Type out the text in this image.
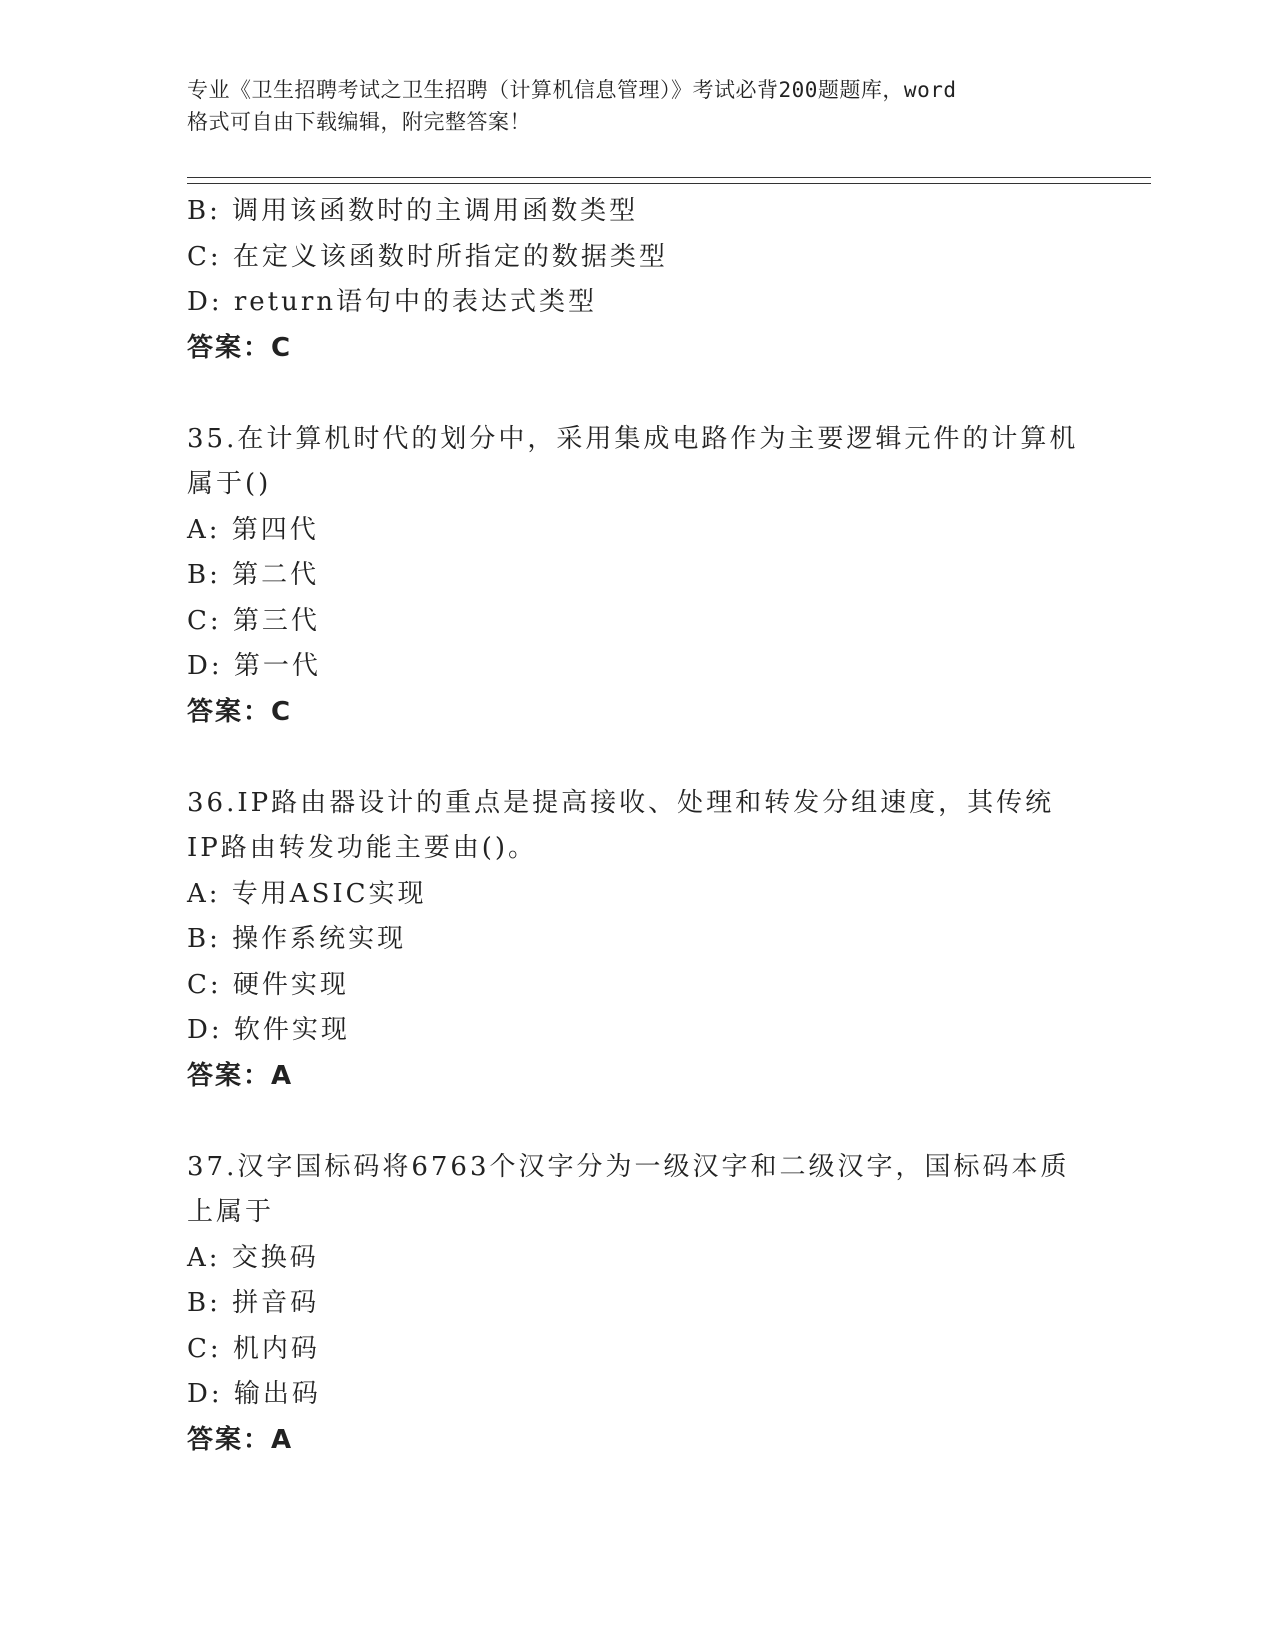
专业《卫生招聘考试之卫生招聘（计算机信息管理）》考试必背200题题库，word
格式可自由下载编辑，附完整答案！
B: 调用该函数时的主调用函数类型
C: 在定义该函数时所指定的数据类型
D: return语句中的表达式类型
答案：C
35.在计算机时代的划分中，采用集成电路作为主要逻辑元件的计算机
属于()
A: 第四代
B: 第二代
C: 第三代
D: 第一代
答案：C
36.IP路由器设计的重点是提高接收、处理和转发分组速度，其传统
IP路由转发功能主要由()。
A: 专用ASIC实现
B: 操作系统实现
C: 硬件实现
D: 软件实现
答案：A
37.汉字国标码将6763个汉字分为一级汉字和二级汉字，国标码本质
上属于
A: 交换码
B: 拼音码
C: 机内码
D: 输出码
答案：A
